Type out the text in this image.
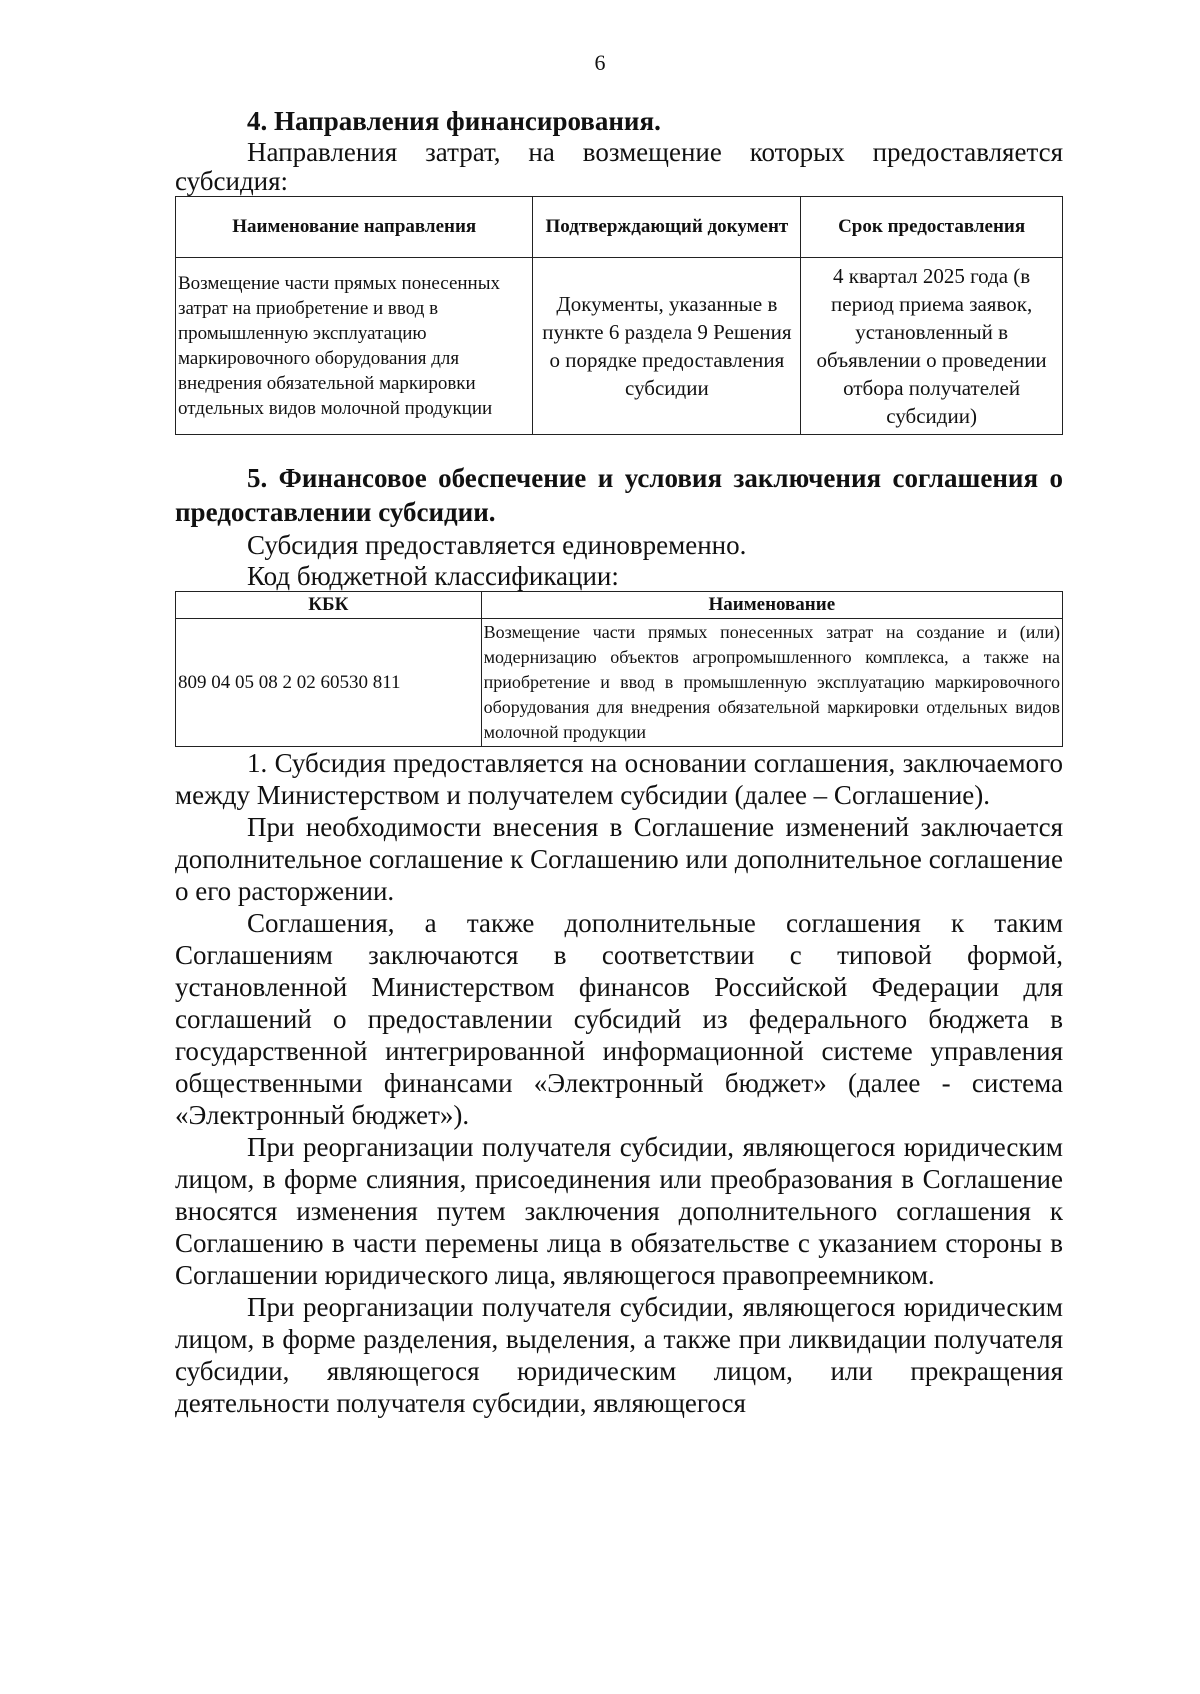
6

4. Направления финансирования.

Направления затрат, на возмещение которых предоставляется субсидия:

Наименование направления	Подтверждающий документ	Срок предоставления
Возмещение части прямых понесенных затрат на приобретение и ввод в промышленную эксплуатацию маркировочного оборудования для внедрения обязательной маркировки отдельных видов молочной продукции	Документы, указанные в пункте 6 раздела 9 Решения о порядке предоставления субсидии	4 квартал 2025 года (в период приема заявок, установленный в объявлении о проведении отбора получателей субсидии)

5. Финансовое обеспечение и условия заключения соглашения о предоставлении субсидии.

Субсидия предоставляется единовременно.

Код бюджетной классификации:

КБК	Наименование
809 04 05 08 2 02 60530 811	Возмещение части прямых понесенных затрат на создание и (или) модернизацию объектов агропромышленного комплекса, а также на приобретение и ввод в промышленную эксплуатацию маркировочного оборудования для внедрения обязательной маркировки отдельных видов молочной продукции

1. Субсидия предоставляется на основании соглашения, заключаемого между Министерством и получателем субсидии (далее – Соглашение).

При необходимости внесения в Соглашение изменений заключается дополнительное соглашение к Соглашению или дополнительное соглашение о его расторжении.

Соглашения, а также дополнительные соглашения к таким Соглашениям заключаются в соответствии с типовой формой, установленной Министерством финансов Российской Федерации для соглашений о предоставлении субсидий из федерального бюджета в государственной интегрированной информационной системе управления общественными финансами «Электронный бюджет» (далее - система «Электронный бюджет»).

При реорганизации получателя субсидии, являющегося юридическим лицом, в форме слияния, присоединения или преобразования в Соглашение вносятся изменения путем заключения дополнительного соглашения к Соглашению в части перемены лица в обязательстве с указанием стороны в Соглашении юридического лица, являющегося правопреемником.

При реорганизации получателя субсидии, являющегося юридическим лицом, в форме разделения, выделения, а также при ликвидации получателя субсидии, являющегося юридическим лицом, или прекращения деятельности получателя субсидии, являющегося
